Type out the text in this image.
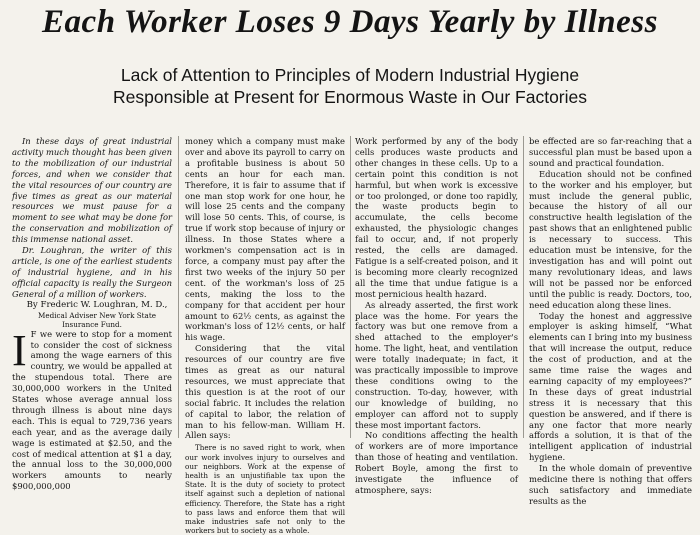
Each Worker Loses 9 Days Yearly by Illness
Lack of Attention to Principles of Modern Industrial Hygiene
Responsible at Present for Enormous Waste in Our Factories

In these days of great industrial activity much thought has been given to the mobilization of our industrial forces, and when we consider that the vital resources of our country are five times as great as our material resources we must pause for a moment to see what may be done for the conservation and mobilization of this immense national asset.

Dr. Loughran, the writer of this article, is one of the earliest students of industrial hygiene, and in his official capacity is really the Surgeon General of a million of workers.

By Frederic W. Loughran, M. D.,

Medical Adviser New York State Insurance Fund.

I F we were to stop for a moment to consider the cost of sickness among the wage earners of this country, we would be appalled at the stupendous total. There are 30,000,000 workers in the United States whose average annual loss through illness is about nine days each. This is equal to 729,736 years each year, and as the average daily wage is estimated at $2.50, and the cost of medical attention at $1 a day, the annual loss to the 30,000,000 workers amounts to nearly $900,000,000

money which a company must make over and above its payroll to carry on a profitable business is about 50 cents an hour for each man. Therefore, it is fair to assume that if one man stop work for one hour, he will lose 25 cents and the company will lose 50 cents. This, of course, is true if work stop because of injury or illness. In those States where a workmen's compensation act is in force, a company must pay after the first two weeks of the injury 50 per cent. of the workman's loss of 25 cents, making the loss to the company for that accident per hour amount to 62½ cents, as against the workman's loss of 12½ cents, or half his wage.

Considering that the vital resources of our country are five times as great as our natural resources, we must appreciate that this question is at the root of our social fabric. It includes the relation of capital to labor, the relation of man to his fellow-man. William H. Allen says:

There is no saved right to work, when our work involves injury to ourselves and our neighbors. Work at the expense of health is an unjustifiable tax upon the State. It is the duty of society to protect itself against such a depletion of national efficiency. Therefore, the State has a right to pass laws and enforce them that will make industries safe not only to the workers but to society as a whole.

Work performed by any of the body cells produces waste products and other changes in these cells. Up to a certain point this condition is not harmful, but when work is excessive or too prolonged, or done too rapidly, the waste products begin to accumulate, the cells become exhausted, the physiologic changes fail to occur, and, if not properly rested, the cells are damaged. Fatigue is a self-created poison, and it is becoming more clearly recognized all the time that undue fatigue is a most pernicious health hazard.

As already asserted, the first work place was the home. For years the factory was but one remove from a shed attached to the employer's home. The light, heat, and ventilation were totally inadequate; in fact, it was practically impossible to improve these conditions owing to the construction. To-day, however, with our knowledge of building, no employer can afford not to supply these most important factors.

No conditions affecting the health of workers are of more importance than those of heating and ventilation. Robert Boyle, among the first to investigate the influence of atmosphere, says:

be effected are so far-reaching that a successful plan must be based upon a sound and practical foundation.

Education should not be confined to the worker and his employer, but must include the general public, because the history of all our constructive health legislation of the past shows that an enlightened public is necessary to success. This education must be intensive, for the investigation has and will point out many revolutionary ideas, and laws will not be passed nor be enforced until the public is ready. Doctors, too, need education along these lines.

Today the honest and aggressive employer is asking himself, “What elements can I bring into my business that will increase the output, reduce the cost of production, and at the same time raise the wages and earning capacity of my employees?” In these days of great industrial stress it is necessary that this question be answered, and if there is any one factor that more nearly affords a solution, it is that of the intelligent application of industrial hygiene.

In the whole domain of preventive medicine there is nothing that offers such satisfactory and immediate results as the
